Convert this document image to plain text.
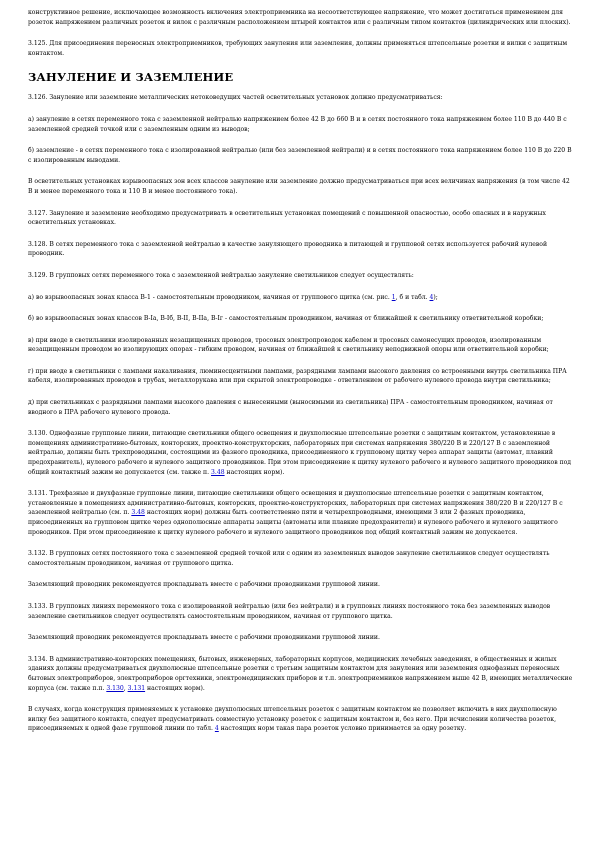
конструктивное решение, исключающее возможность включения электроприемника на несоответствующее напряжение, что может достигаться применением для розеток напряжением различных розеток и вилок с различным расположением штырей контактов или с различным типом контактов (цилиндрических или плоских).

3.125. Для присоединения переносных электроприемников, требующих зануления или заземления, должны применяться штепсельные розетки и вилки с защитным контактом.

ЗАНУЛЕНИЕ И ЗАЗЕМЛЕНИЕ

3.126. Зануление или заземление металлических нетоковедущих частей осветительных установок должно предусматриваться:

а) зануление в сетях переменного тока с заземленной нейтралью напряжением более 42 В до 660 В и в сетях постоянного тока напряжением более 110 В до 440 В с заземленной средней точкой или с заземленным одним из выводов;

б) заземление - в сетях переменного тока с изолированной нейтралью (или без заземленной нейтрали) и в сетях постоянного тока напряжением более 110 В до 220 В с изолированным выводами.

В осветительных установках взрывоопасных зон всех классов зануление или заземление должно предусматриваться при всех величинах напряжения (в том числе 42 В и менее переменного тока и 110 В и менее постоянного тока).

3.127. Зануление и заземление необходимо предусматривать в осветительных установках помещений с повышенной опасностью, особо опасных и в наружных осветительных установках.

3.128. В сетях переменного тока с заземленной нейтралью в качестве зануляющего проводника в питающей и групповой сетях используется рабочий нулевой проводник.

3.129. В групповых сетях переменного тока с заземленной нейтралью зануление светильников следует осуществлять:

а) во взрывоопасных зонах класса В-1 - самостоятельным проводником, начиная от группового щитка (см. рис. 1, б и табл. 4);

б) во взрывоопасных зонах классов В-Iа, В-Iб, В-II, В-IIа, В-Iг - самостоятельным проводником, начиная от ближайшей к светильнику ответвительной коробки;

в) при вводе в светильники изолированных незащищенных проводов, тросовых электропроводок кабелем и тросовых самонесущих проводов, изолированным незащищенным проводом во изолирующих опорах - гибким проводом, начиная от ближайшей к светильнику неподвижной опоры или ответвительной коробки;

г) при вводе в светильники с лампами накаливания, люминесцентными лампами, разрядными лампами высокого давления со встроенными внутрь светильника ПРА кабеля, изолированных проводов в трубах, металлорукава или при скрытой электропроводке - ответвлением от рабочего нулевого провода внутри светильника;

д) при светильниках с разрядными лампами высокого давления с вынесенными (выносимыми из светильника) ПРА - самостоятельным проводником, начиная от вводного в ПРА рабочего нулевого провода.

3.130. Однофазные групповые линии, питающие светильники общего освещения и двухполюсные штепсельные розетки с защитным контактом, установленные в помещениях административно-бытовых, конторских, проектно-конструкторских, лабораторных при системах напряжения 380/220 В и 220/127 В с заземленной нейтралью, должны быть трехпроводными, состоящими из фазного проводника, присоединенного к групповому щитку через аппарат защиты (автомат, плавкий предохранитель), нулевого рабочего и нулевого защитного проводников. При этом присоединение к щитку нулевого рабочего и нулевого защитного проводников под общий контактный зажим не допускается (см. также п. 3.48 настоящих норм).

3.131. Трехфазные и двухфазные групповые линии, питающие светильники общего освещения и двухполюсные штепсельные розетки с защитным контактом, установленные в помещениях административно-бытовых, конторских, проектно-конструкторских, лабораторных при системах напряжения 380/220 В и 220/127 В с заземленной нейтралью (см. п. 3.48 настоящих норм) должны быть соответственно пяти и четырехпроводными, имеющими 3 или 2 фазных проводника, присоединенных на групповом щитке через однополюсные аппараты защиты (автоматы или плавкие предохранители) и нулевого рабочего и нулевого защитного проводников. При этом присоединение к щитку нулевого рабочего и нулевого защитного проводников под общий контактный зажим не допускается.

3.132. В групповых сетях постоянного тока с заземленной средней точкой или с одним из заземленных выводов зануление светильников следует осуществлять самостоятельным проводником, начиная от группового щитка.

Заземляющий проводник рекомендуется прокладывать вместе с рабочими проводниками групповой линии.

3.133. В групповых линиях переменного тока с изолированной нейтралью (или без нейтрали) и в групповых линиях постоянного тока без заземленных выводов заземление светильников следует осуществлять самостоятельным проводником, начиная от группового щитка.

Заземляющий проводник рекомендуется прокладывать вместе с рабочими проводниками групповой линии.

3.134. В административно-конторских помещениях, бытовых, инженерных, лабораторных корпусов, медицинских лечебных заведениях, в общественных и жилых зданиях должны предусматриваться двухполюсные штепсельные розетки с третьим защитным контактом для зануления или заземления однофазных переносных бытовых электроприборов, электроприборов оргтехники, электромедицинских приборов и т.п. электроприемников напряжением выше 42 В, имеющих металлические корпуса (см. также п.п. 3.130, 3.131 настоящих норм).

В случаях, когда конструкция применяемых к установке двухполюсных штепсельных розеток с защитным контактом не позволяет включить в них двухполюсную вилку без защитного контакта, следует предусматривать совместную установку розеток с защитным контактом и, без него. При исчислении количества розеток, присоединяемых к одной фазе групповой линии по табл. 4 настоящих норм такая пара розеток условно принимается за одну розетку.
